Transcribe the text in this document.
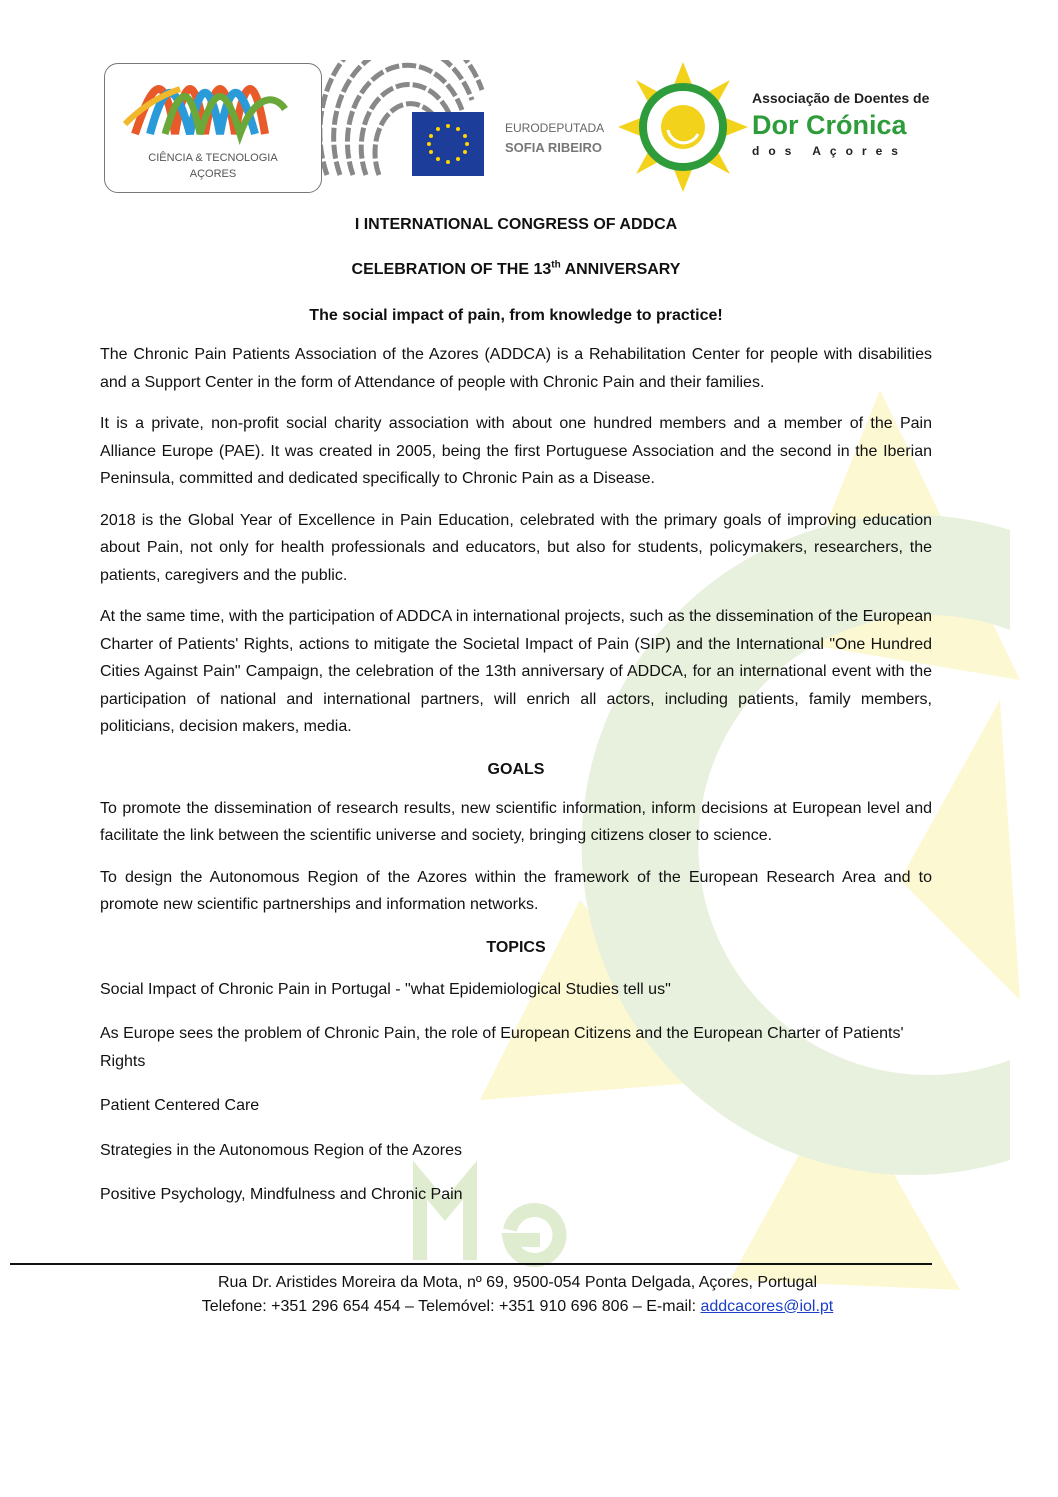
CIÊNCIA & TECNOLOGIA
AÇORES
EURODEPUTADA
SOFIA RIBEIRO
Associação de Doentes de
Dor Crónica
dos Açores
I INTERNATIONAL CONGRESS OF ADDCA
CELEBRATION OF THE 13th ANNIVERSARY
The social impact of pain, from knowledge to practice!

The Chronic Pain Patients Association of the Azores (ADDCA) is a Rehabilitation Center for people with disabilities and a Support Center in the form of Attendance of people with Chronic Pain and their families.

It is a private, non-profit social charity association with about one hundred members and a member of the Pain Alliance Europe (PAE). It was created in 2005, being the first Portuguese Association and the second in the Iberian Peninsula, committed and dedicated specifically to Chronic Pain as a Disease.

2018 is the Global Year of Excellence in Pain Education, celebrated with the primary goals of improving education about Pain, not only for health professionals and educators, but also for students, policymakers, researchers, the patients, caregivers and the public.

At the same time, with the participation of ADDCA in international projects, such as the dissemination of the European Charter of Patients' Rights, actions to mitigate the Societal Impact of Pain (SIP) and the International "One Hundred Cities Against Pain" Campaign, the celebration of the 13th anniversary of ADDCA, for an international event with the participation of national and international partners, will enrich all actors, including patients, family members, politicians, decision makers, media.

GOALS

To promote the dissemination of research results, new scientific information, inform decisions at European level and facilitate the link between the scientific universe and society, bringing citizens closer to science.

To design the Autonomous Region of the Azores within the framework of the European Research Area and to promote new scientific partnerships and information networks.

TOPICS

Social Impact of Chronic Pain in Portugal - "what Epidemiological Studies tell us"

As Europe sees the problem of Chronic Pain, the role of European Citizens and the European Charter of Patients' Rights

Patient Centered Care

Strategies in the Autonomous Region of the Azores

Positive Psychology, Mindfulness and Chronic Pain

Rua Dr. Aristides Moreira da Mota, nº 69, 9500-054 Ponta Delgada, Açores, Portugal
Telefone: +351 296 654 454 – Telemóvel: +351 910 696 806 – E-mail: addcacores@iol.pt
